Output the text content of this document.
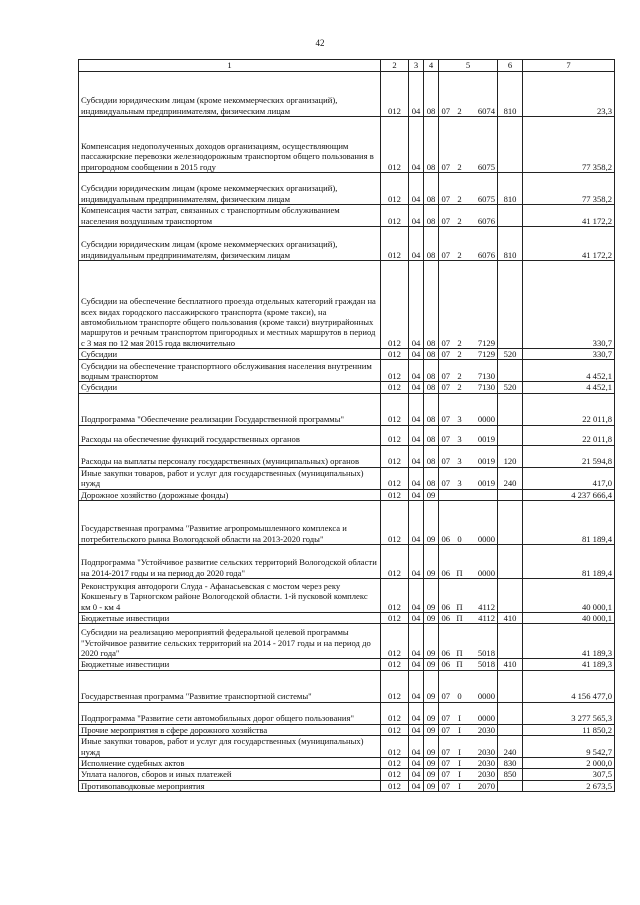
42
1	2	3	4	5			6	7
Субсидии юридическим лицам (кроме некоммерческих организаций), индивидуальным предпринимателям, физическим лицам	012	04	08	07	2	6074	810	23,3
Компенсация недополученных доходов организациям, осуществляющим пассажирские перевозки железнодорожным транспортом общего пользования в пригородном сообщении в 2015 году	012	04	08	07	2	6075		77 358,2
Субсидии юридическим лицам (кроме некоммерческих организаций), индивидуальным предпринимателям, физическим лицам	012	04	08	07	2	6075	810	77 358,2
Компенсация части затрат, связанных с транспортным обслуживанием населения воздушным транспортом	012	04	08	07	2	6076		41 172,2
Субсидии юридическим лицам (кроме некоммерческих организаций), индивидуальным предпринимателям, физическим лицам	012	04	08	07	2	6076	810	41 172,2
Субсидии на обеспечение бесплатного проезда отдельных категорий граждан на всех видах городского пассажирского транспорта (кроме такси), на автомобильном транспорте общего пользования (кроме такси) внутрирайонных маршрутов и речным транспортом пригородных и местных маршрутов в период с 3 мая по 12 мая 2015 года включительно	012	04	08	07	2	7129		330,7
Субсидии	012	04	08	07	2	7129	520	330,7
Субсидии на обеспечение транспортного обслуживания населения внутренним водным транспортом	012	04	08	07	2	7130		4 452,1
Субсидии	012	04	08	07	2	7130	520	4 452,1
Подпрограмма "Обеспечение реализации Государственной программы"	012	04	08	07	3	0000		22 011,8
Расходы на обеспечение функций государственных органов	012	04	08	07	3	0019		22 011,8
Расходы на выплаты персоналу государственных (муниципальных) органов	012	04	08	07	3	0019	120	21 594,8
Иные закупки товаров, работ и услуг для государственных (муниципальных) нужд	012	04	08	07	3	0019	240	417,0
Дорожное хозяйство (дорожные фонды)	012	04	09					4 237 666,4
Государственная программа "Развитие агропромышленного комплекса и потребительского рынка Вологодской области на 2013-2020 годы"	012	04	09	06	0	0000		81 189,4
Подпрограмма "Устойчивое развитие сельских территорий Вологодской области на 2014-2017 годы и на период до 2020 года"	012	04	09	06	П	0000		81 189,4
Реконструкция автодороги Слуда - Афанасьевская с мостом через реку Кокшеньгу в Тарногском районе Вологодской области. 1-й пусковой комплекс км 0 - км 4	012	04	09	06	П	4112		40 000,1
Бюджетные инвестиции	012	04	09	06	П	4112	410	40 000,1
Субсидии на реализацию мероприятий федеральной целевой программы "Устойчивое развитие сельских территорий на 2014 - 2017 годы и на период до 2020 года"	012	04	09	06	П	5018		41 189,3
Бюджетные инвестиции	012	04	09	06	П	5018	410	41 189,3
Государственная программа "Развитие транспортной системы"	012	04	09	07	0	0000		4 156 477,0
Подпрограмма "Развитие сети автомобильных дорог общего пользования"	012	04	09	07	I	0000		3 277 565,3
Прочие мероприятия в сфере дорожного хозяйства	012	04	09	07	I	2030		11 850,2
Иные закупки товаров, работ и услуг для государственных (муниципальных) нужд	012	04	09	07	I	2030	240	9 542,7
Исполнение судебных актов	012	04	09	07	I	2030	830	2 000,0
Уплата налогов, сборов и иных платежей	012	04	09	07	I	2030	850	307,5
Противопаводковые мероприятия	012	04	09	07	I	2070		2 673,5
